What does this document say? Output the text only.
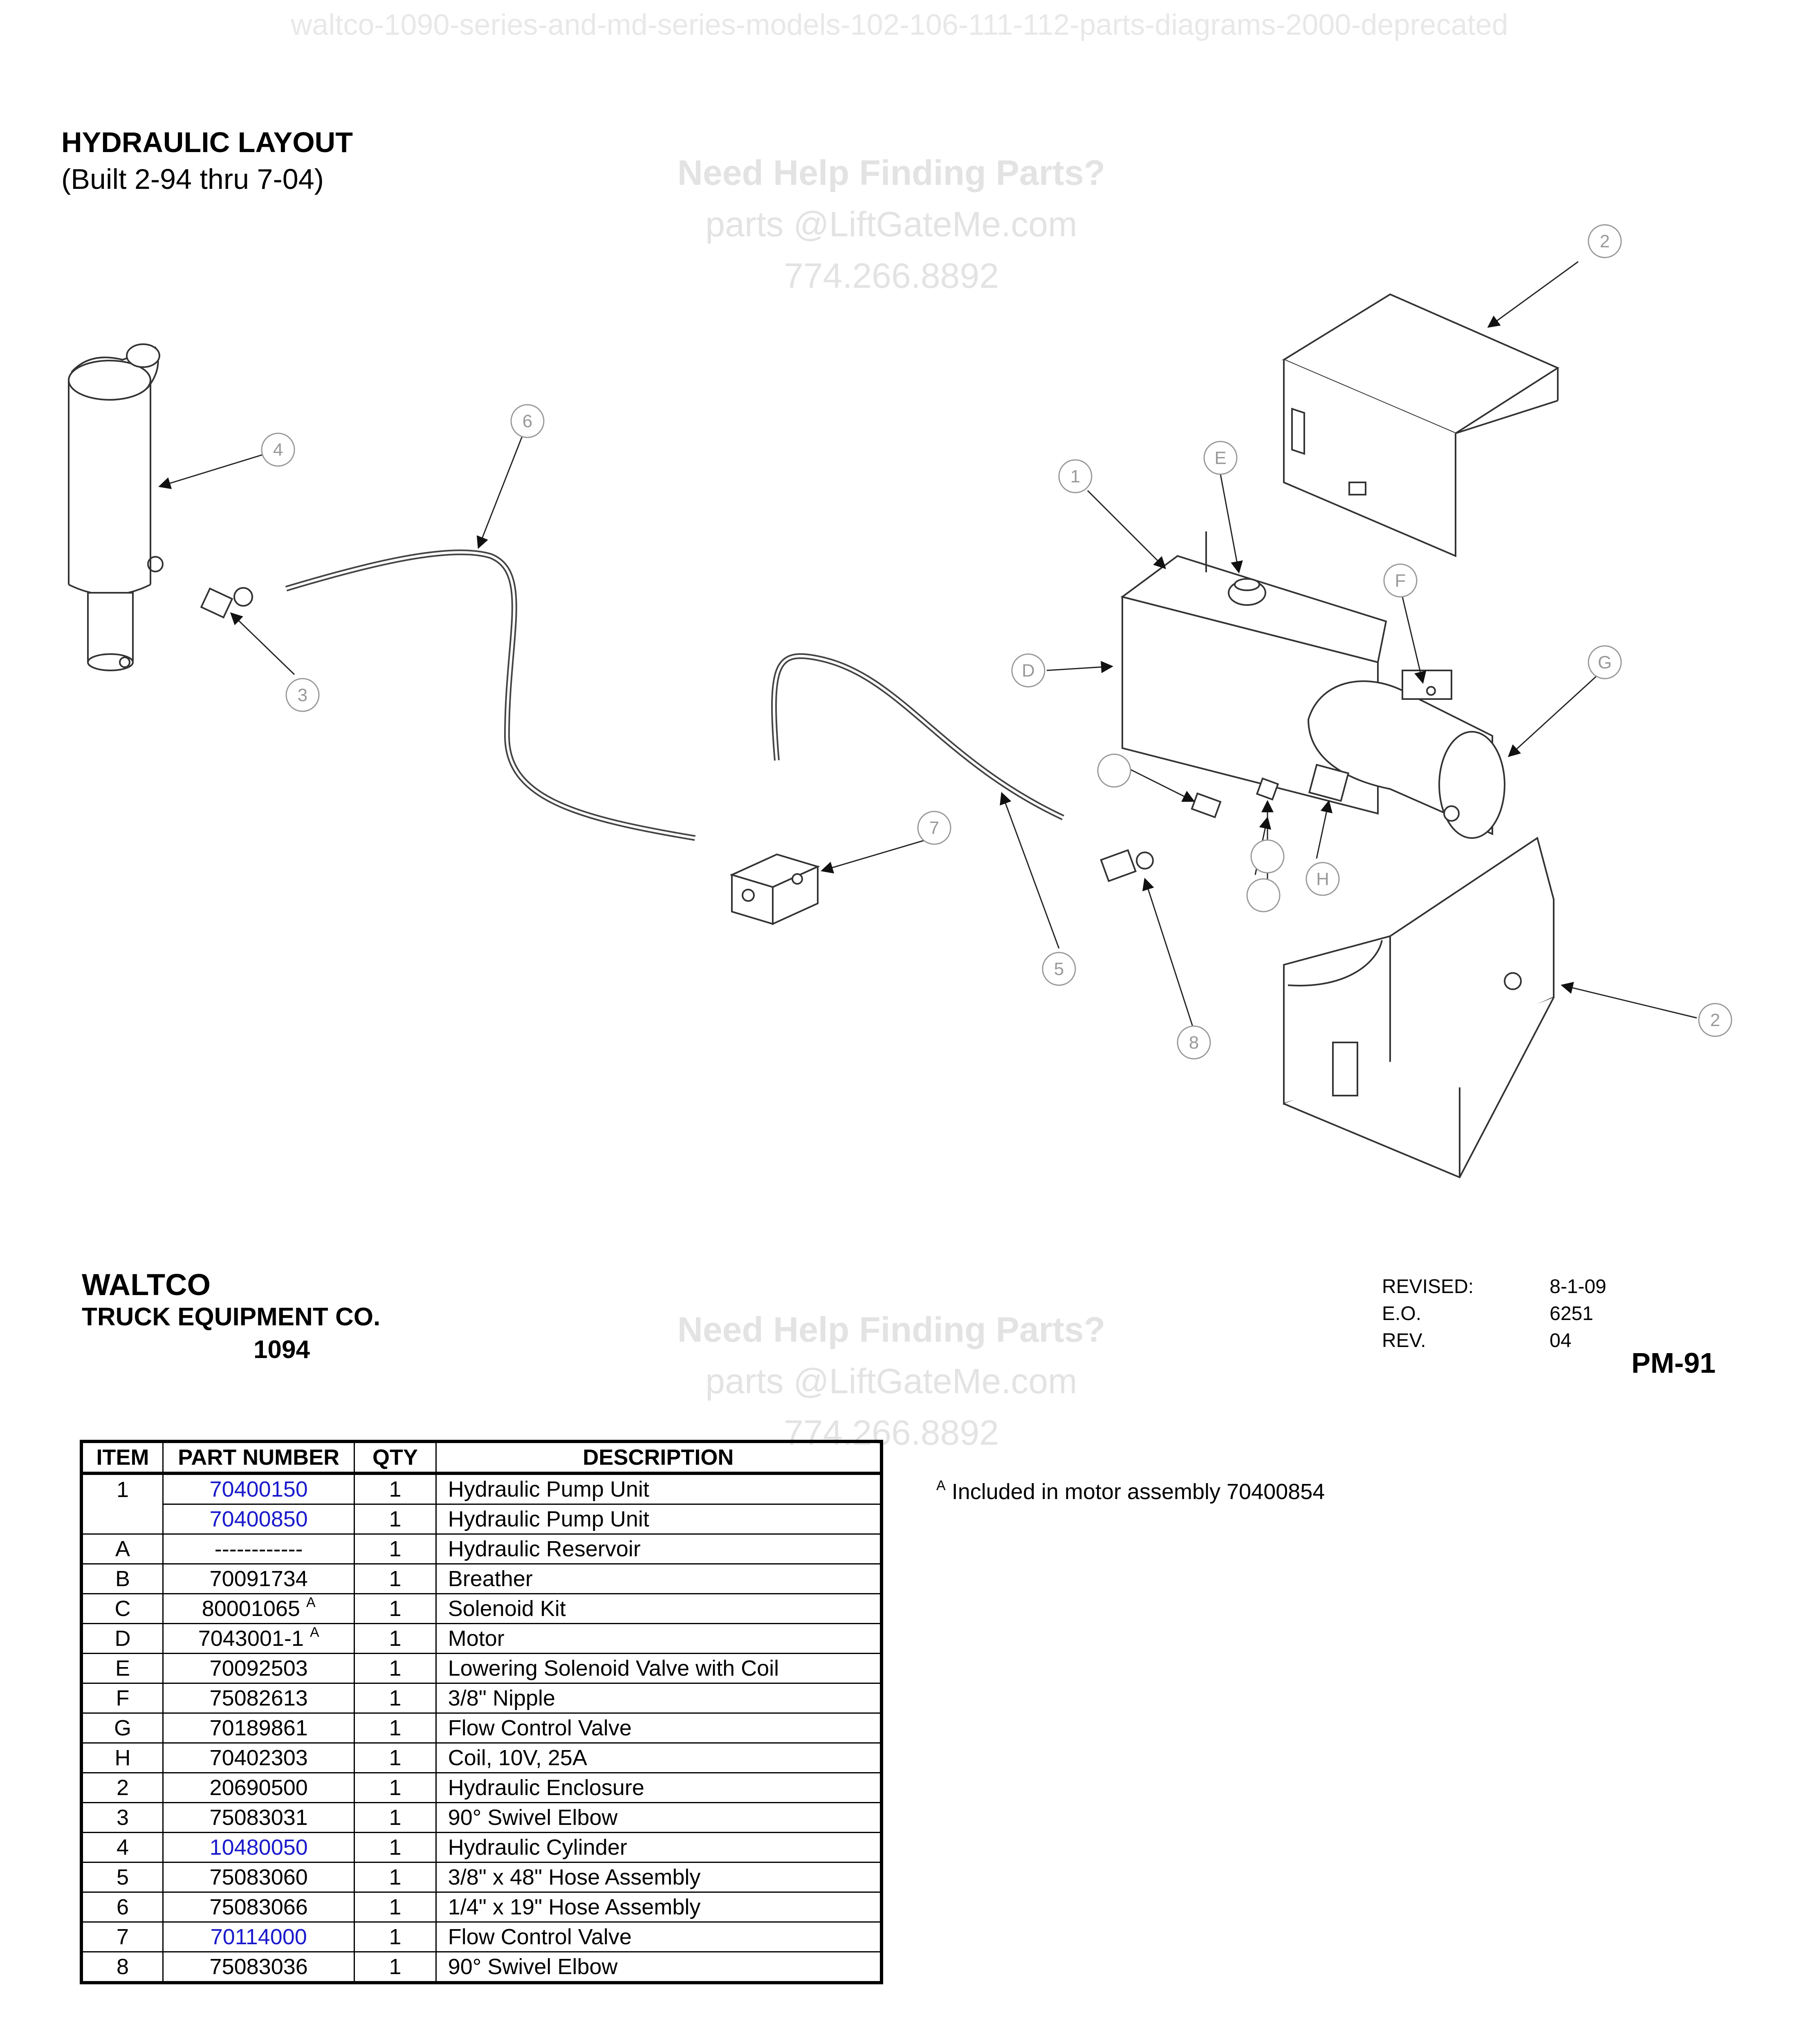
waltco-1090-series-and-md-series-models-102-106-111-112-parts-diagrams-2000-deprecated
HYDRAULIC LAYOUT
(Built 2-94 thru 7-04)	Need Help Finding Parts?
parts @LiftGateMe.com
774.266.8892
Need Help Finding Parts?
parts @LiftGateMe.com
774.266.8892
4
6
3
1
E
2
D
F
G
H
7
5
8
2
WALTCO
TRUCK EQUIPMENT CO.
1094
REVISED:	8-1-09
E.O.	6251
REV.	04
PM-91
ITEM	PART NUMBER	QTY	DESCRIPTION
1	70400150	1	Hydraulic Pump Unit
	70400850	1	Hydraulic Pump Unit
A	------------	1	Hydraulic Reservoir
B	70091734	1	Breather
C	80001065 $^A$	1	Solenoid Kit
D	7043001-1 $^A$	1	Motor
E	70092503	1	Lowering Solenoid Valve with Coil
F	75082613	1	3/8" Nipple
G	70189861	1	Flow Control Valve
H	70402303	1	Coil, 10V, 25A
2	20690500	1	Hydraulic Enclosure
3	75083031	1	90° Swivel Elbow
4	10480050	1	Hydraulic Cylinder
5	75083060	1	3/8" x 48" Hose Assembly
6	75083066	1	1/4" x 19" Hose Assembly
7	70114000	1	Flow Control Valve
8	75083036	1	90° Swivel Elbow
$^A$ Included in motor assembly 70400854
